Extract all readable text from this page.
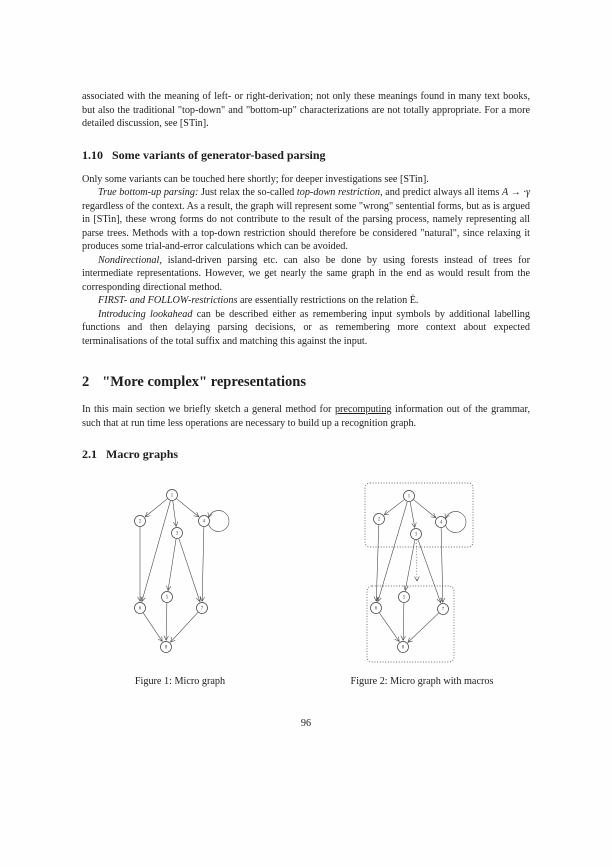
associated with the meaning of left- or right-derivation; not only these meanings found in many text books, but also the traditional "top-down" and "bottom-up" characterizations are not totally appropriate. For a more detailed discussion, see [STin].

1.10 Some variants of generator-based parsing

Only some variants can be touched here shortly; for deeper investigations see [STin].

True bottom-up parsing: Just relax the so-called top-down restriction, and predict always all items A → ·γ regardless of the context. As a result, the graph will represent some "wrong" sentential forms, but as is argued in [STin], these wrong forms do not contribute to the result of the parsing process, namely representing all parse trees. Methods with a top-down restriction should therefore be considered "natural", since relaxing it produces some trial-and-error calculations which can be avoided.

Nondirectional, island-driven parsing etc. can also be done by using forests instead of trees for intermediate representations. However, we get nearly the same graph in the end as would result from the corresponding directional method.

FIRST- and FOLLOW-restrictions are essentially restrictions on the relation Ė.

Introducing lookahead can be described either as remembering input symbols by additional labelling functions and then delaying parsing decisions, or as remembering more context about expected terminalisations of the total suffix and matching this against the input.

2 "More complex" representations

In this main section we briefly sketch a general method for precomputing information out of the grammar, such that at run time less operations are necessary to build up a recognition graph.

2.1 Macro graphs
1
2
3
4
5
6	7
8
1
2
3
4
5
6	7
8
Figure 1: Micro graph	Figure 2: Micro graph with macros
96
